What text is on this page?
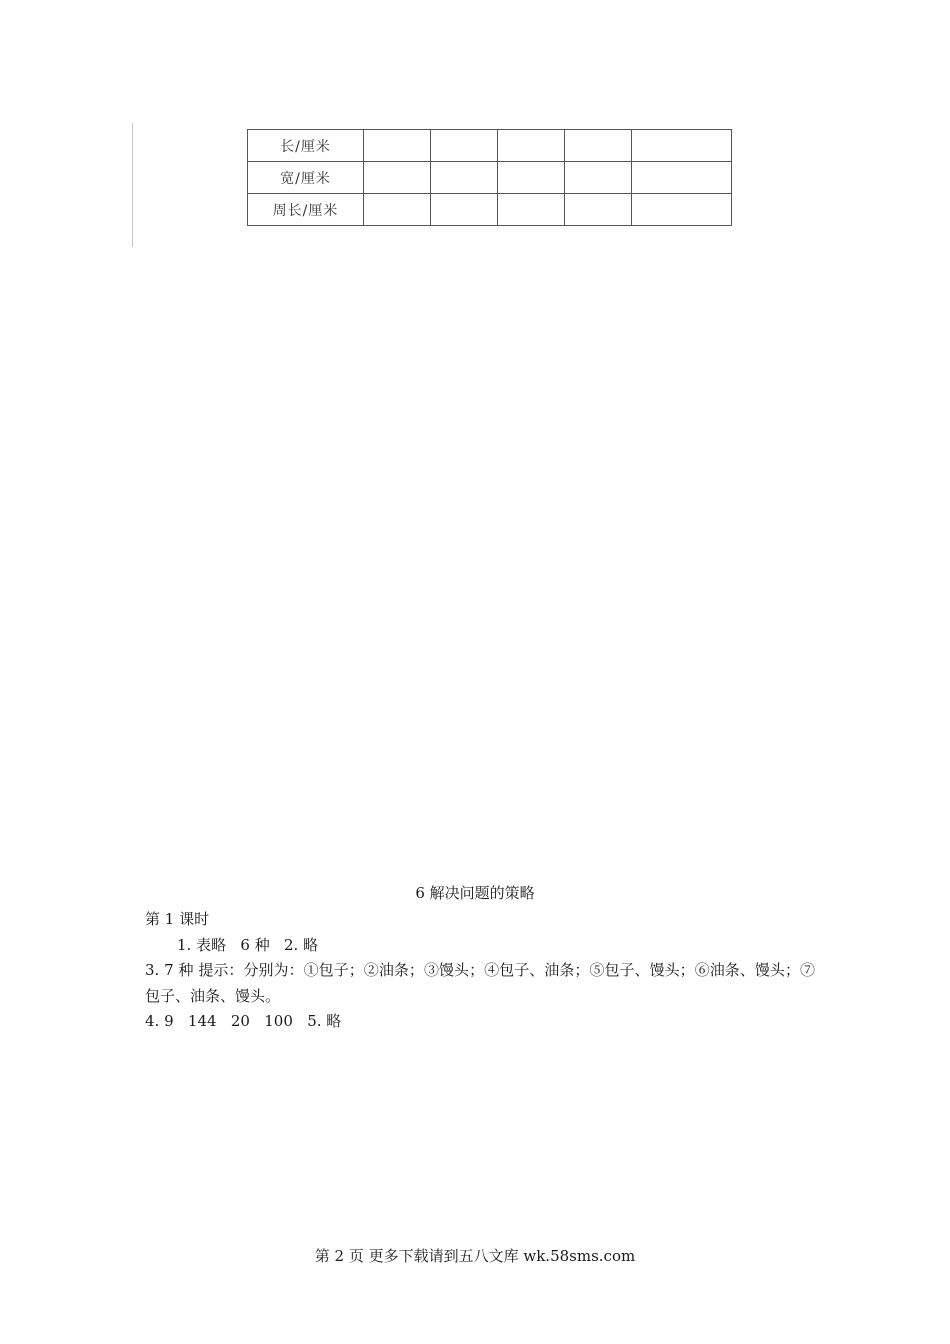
长/厘米					
宽/厘米					
周长/厘米					
6 解决问题的策略
第 1 课时
1. 表略   6 种   2. 略
3. 7 种 提示：分别为：①包子；②油条；③馒头；④包子、油条；⑤包子、馒头；⑥油条、馒头；⑦包子、油条、馒头。
4. 9   144   20   100   5. 略
第 2 页 更多下载请到五八文库 wk.58sms.com
